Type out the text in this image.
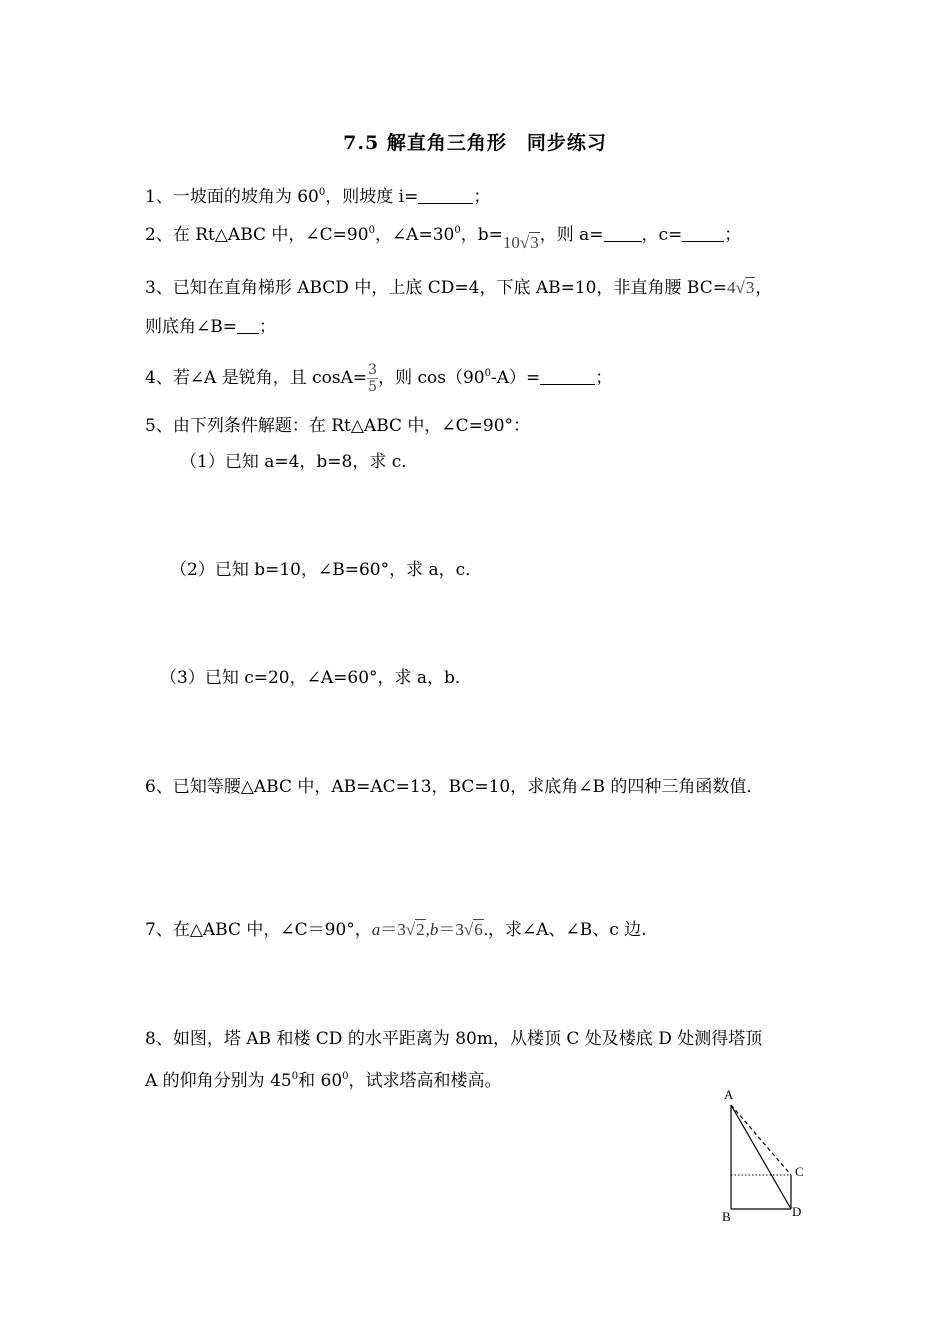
7.5 解直角三角形　同步练习
1、一坡面的坡角为 $60^0$，则坡度 i=	；
2、在 Rt△ABC 中，$\angle C=90^0$，$\angle A=30^0$，b=10√3，则 a= ，c= ；
3、已知在直角梯形 ABCD 中，上底 CD=4，下底 AB=10，非直角腰 BC=4√3，
则底角∠B= ；
4、若∠A 是锐角，且 $\cos A= \frac{3}{5}$ ，则 $\cos(90^0-A)=$	；
5、由下列条件解题：在 Rt△ABC 中，∠C=90°：
（1）已知 a=4，b=8，求 c．
（2）已知 b=10，∠B=60°，求 a，c．
（3）已知 c=20，∠A=60°，求 a，b．
6、已知等腰△ABC 中，AB=AC=13，BC=10，求底角∠B 的四种三角函数值．
7、在△ABC 中，∠C＝90°，a＝3√2,b＝3√6.，求∠A、∠B、c 边.
8、如图，塔 AB 和楼 CD 的水平距离为 80m，从楼顶 C 处及楼底 D 处测得塔顶
A 的仰角分别为 $45^0$和 $60^0$，试求塔高和楼高。
A
B
C
D
